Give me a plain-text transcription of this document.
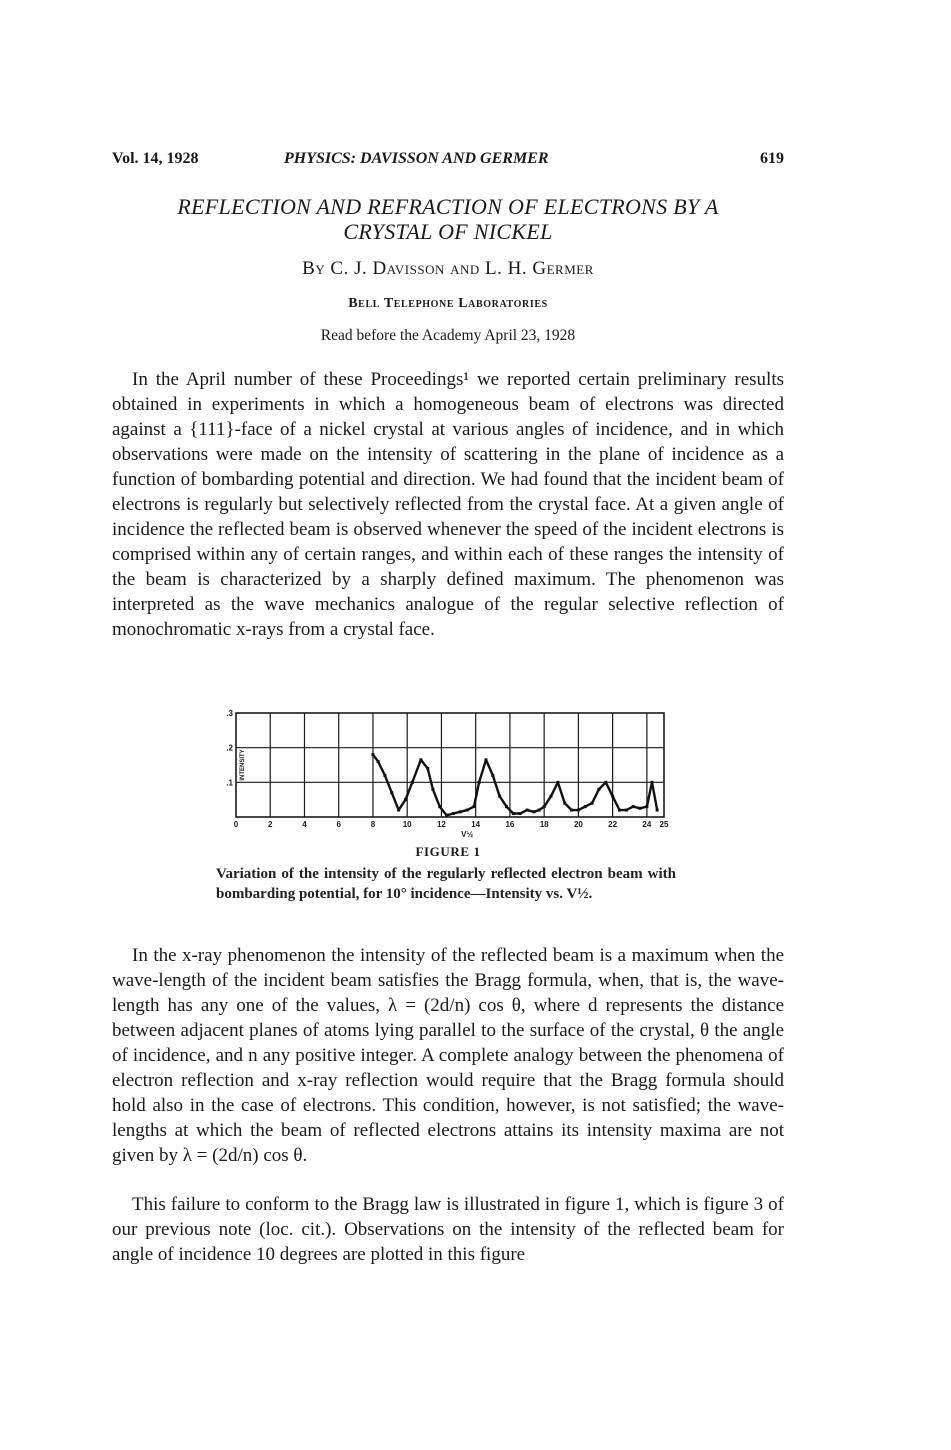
Vol. 14, 1928	PHYSICS: DAVISSON AND GERMER	619
REFLECTION AND REFRACTION OF ELECTRONS BY A
CRYSTAL OF NICKEL
By C. J. Davisson and L. H. Germer
Bell Telephone Laboratories
Read before the Academy April 23, 1928

In the April number of these Proceedings¹ we reported certain preliminary results obtained in experiments in which a homogeneous beam of electrons was directed against a {111}-face of a nickel crystal at various angles of incidence, and in which observations were made on the intensity of scattering in the plane of incidence as a function of bombarding potential and direction. We had found that the incident beam of electrons is regularly but selectively reflected from the crystal face. At a given angle of incidence the reflected beam is observed whenever the speed of the incident electrons is comprised within any of certain ranges, and within each of these ranges the intensity of the beam is characterized by a sharply defined maximum. The phenomenon was interpreted as the wave mechanics analogue of the regular selective reflection of monochromatic x-rays from a crystal face.

.1
.2
.3
INTENSITY
0	2	4	6	8	10	12	14	16	18	20	22	24 25
V½
FIGURE 1
Variation of the intensity of the regularly reflected electron beam with bombarding potential, for 10° incidence—Intensity vs. V½.

In the x-ray phenomenon the intensity of the reflected beam is a maximum when the wave-length of the incident beam satisfies the Bragg formula, when, that is, the wave-length has any one of the values, λ = (2d/n) cos θ, where d represents the distance between adjacent planes of atoms lying parallel to the surface of the crystal, θ the angle of incidence, and n any positive integer. A complete analogy between the phenomena of electron reflection and x-ray reflection would require that the Bragg formula should hold also in the case of electrons. This condition, however, is not satisfied; the wave-lengths at which the beam of reflected electrons attains its intensity maxima are not given by λ = (2d/n) cos θ.

This failure to conform to the Bragg law is illustrated in figure 1, which is figure 3 of our previous note (loc. cit.). Observations on the intensity of the reflected beam for angle of incidence 10 degrees are plotted in this figure
